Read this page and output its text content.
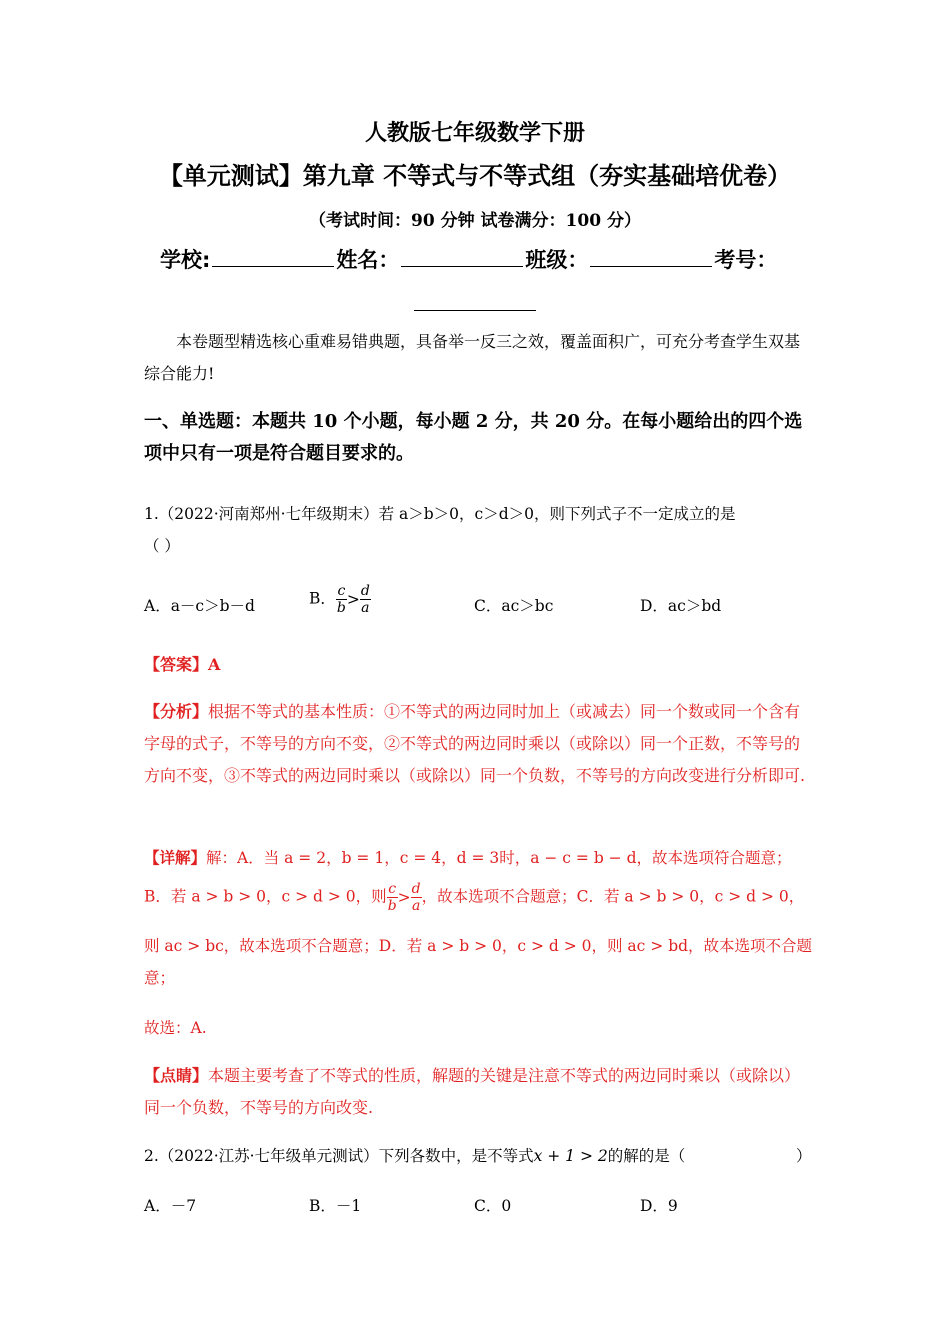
人教版七年级数学下册
【单元测试】第九章 不等式与不等式组（夯实基础培优卷）
（考试时间：90 分钟 试卷满分：100 分）
学校:	姓名：	班级：	考号：
本卷题型精选核心重难易错典题，具备举一反三之效，覆盖面积广，可充分考查学生双基综合能力!
一、单选题：本题共 10 个小题，每小题 2 分，共 20 分。在每小题给出的四个选项中只有一项是符合题目要求的。
1.（2022·河南郑州·七年级期末）若 a＞b＞0，c＞d＞0，则下列式子不一定成立的是
（ ）
A．a－c＞b－d	B． $\frac{c}{b} > \frac{d}{a}$	C．ac＞bc	D．ac＞bd
【答案】A
【分析】根据不等式的基本性质：①不等式的两边同时加上（或减去）同一个数或同一个含有字母的式子，不等号的方向不变，②不等式的两边同时乘以（或除以）同一个正数，不等号的方向不变，③不等式的两边同时乘以（或除以）同一个负数，不等号的方向改变进行分析即可.
【详解】解：A．当 a = 2，b = 1，c = 4，d = 3时，a − c = b − d，故本选项符合题意；
B．若 a > b > 0，c > d > 0，则 $\frac{c}{b} > \frac{d}{a}$ ，故本选项不合题意；C．若 a > b > 0，c > d > 0，
则 ac > bc，故本选项不合题意；D．若 a > b > 0，c > d > 0，则 ac > bd，故本选项不合题
意；
故选：A.
【点睛】本题主要考查了不等式的性质，解题的关键是注意不等式的两边同时乘以（或除以）同一个负数，不等号的方向改变.
2.（2022·江苏·七年级单元测试）下列各数中，是不等式x + 1 > 2的解的是（	）
A．－7	B．－1	C．0	D．9
